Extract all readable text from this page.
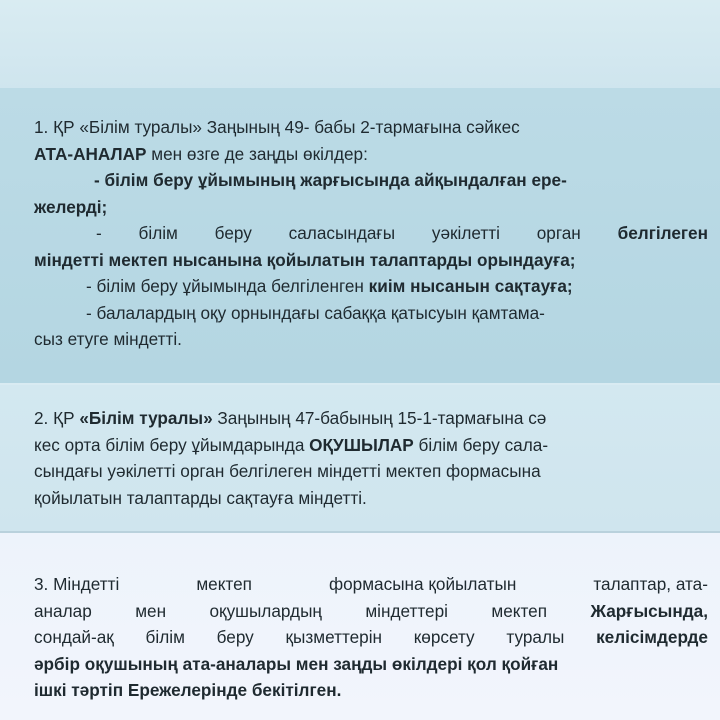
1. ҚР «Білім туралы» Заңының 49- бабы 2-тармағына сәйкес

АТА-АНАЛАР мен өзге де заңды өкілдер:

- білім беру ұйымының жарғысында айқындалған ере-

желерді;

- білім беру саласындағы уәкілетті орган белгілеген

міндетті мектеп нысанына қойылатын талаптарды орындауға;

- білім беру ұйымында белгіленген киім нысанын сақтауға;

- балалардың оқу орнындағы сабаққа қатысуын қамтама-

сыз етуге міндетті.

2. ҚР «Білім туралы» Заңының 47-бабының 15-1-тармағына сә

кес орта білім беру ұйымдарында ОҚУШЫЛАР білім беру сала-

сындағы уәкілетті орган белгілеген міндетті мектеп формасына

қойылатын талаптарды сақтауға міндетті.

3. Міндетті	мектеп	формасына қойылатын	талаптар, ата-

аналар мен оқушылардың міндеттері мектеп Жарғысында,

сондай-ақ білім беру қызметтерін көрсету туралы келісімдерде

әрбір оқушының ата-аналары мен заңды өкілдері қол қойған

ішкі тәртіп Ережелерінде бекітілген.
